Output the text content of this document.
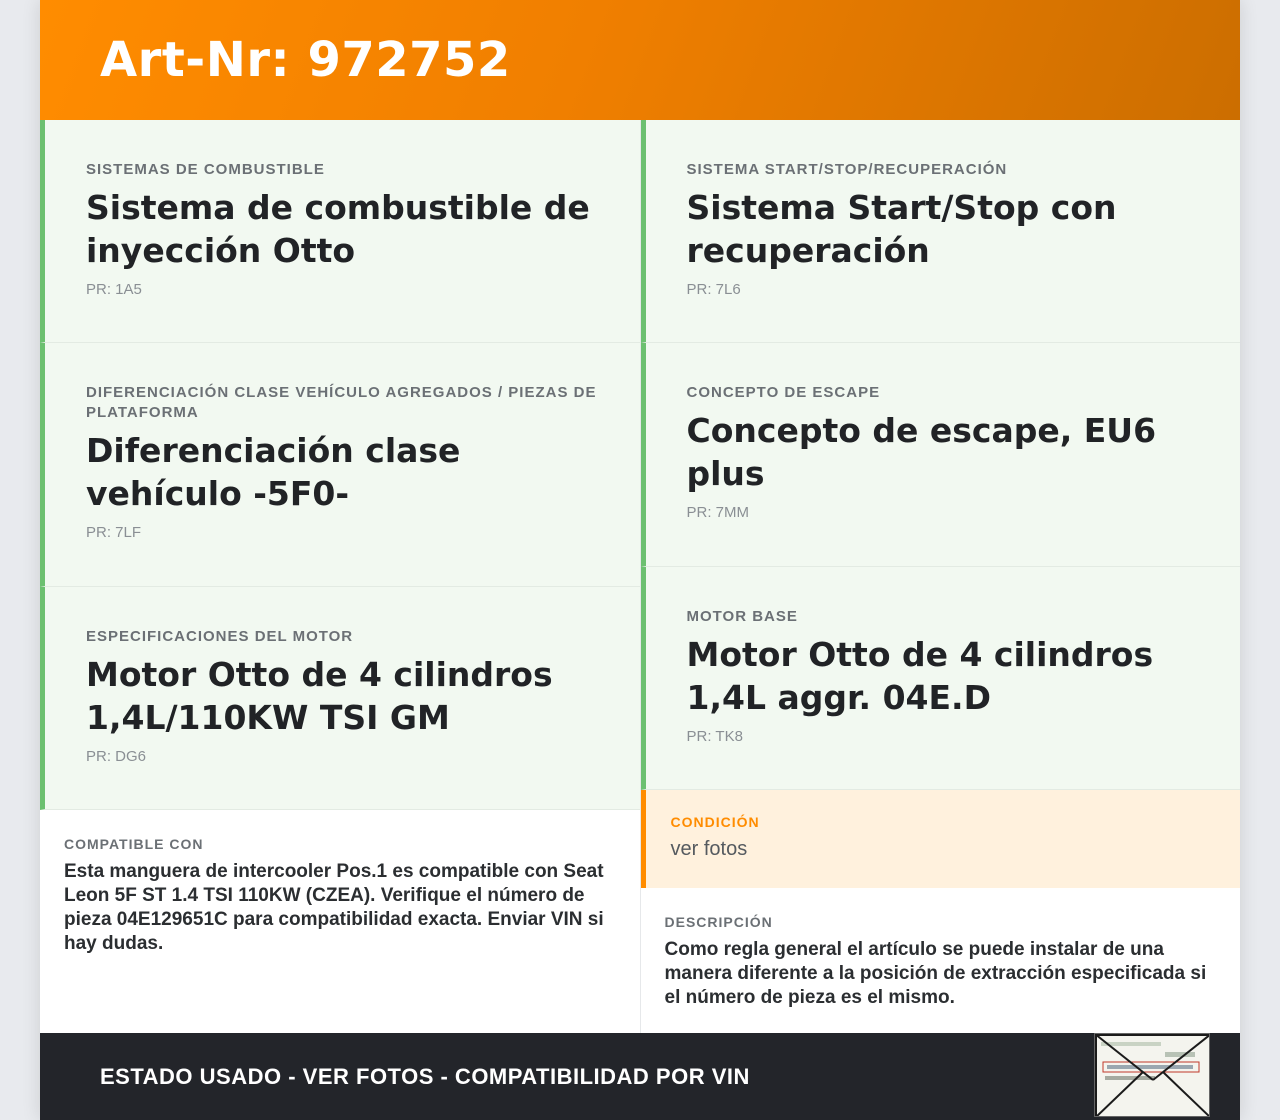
Art-Nr: 972752
SISTEMAS DE COMBUSTIBLE
Sistema de combustible de inyección Otto
PR: 1A5
DIFERENCIACIÓN CLASE VEHÍCULO AGREGADOS / PIEZAS DE PLATAFORMA
Diferenciación clase vehículo -5F0-
PR: 7LF
ESPECIFICACIONES DEL MOTOR
Motor Otto de 4 cilindros 1,4L/110KW TSI GM
PR: DG6
COMPATIBLE CON
Esta manguera de intercooler Pos.1 es compatible con Seat Leon 5F ST 1.4 TSI 110KW (CZEA). Verifique el número de pieza 04E129651C para compatibilidad exacta. Enviar VIN si hay dudas.
SISTEMA START/STOP/RECUPERACIÓN
Sistema Start/Stop con recuperación
PR: 7L6
CONCEPTO DE ESCAPE
Concepto de escape, EU6 plus
PR: 7MM
MOTOR BASE
Motor Otto de 4 cilindros 1,4L aggr. 04E.D
PR: TK8
CONDICIÓN
ver fotos
DESCRIPCIÓN
Como regla general el artículo se puede instalar de una manera diferente a la posición de extracción especificada si el número de pieza es el mismo.
ESTADO USADO - VER FOTOS - COMPATIBILIDAD POR VIN
